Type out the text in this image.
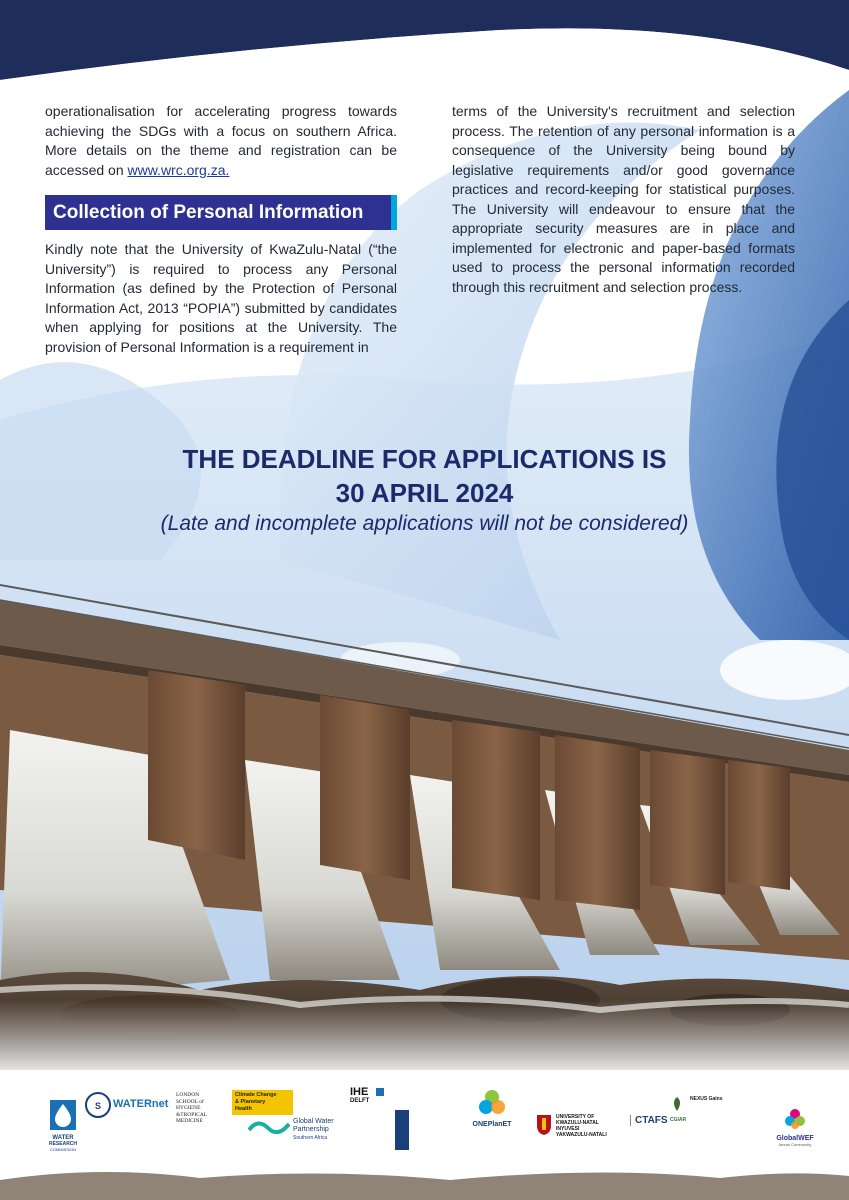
operationalisation for accelerating progress towards achieving the SDGs with a focus on southern Africa. More details on the theme and registration can be accessed on www.wrc.org.za.

Collection of Personal Information

Kindly note that the University of KwaZulu-Natal (“the University”) is required to process any Personal Information (as defined by the Protection of Personal Information Act, 2013 “POPIA”) submitted by candidates when applying for positions at the University. The provision of Personal Information is a requirement in

terms of the University's recruitment and selection process. The retention of any personal information is a consequence of the University being bound by legislative requirements and/or good governance practices and record-keeping for statistical purposes. The University will endeavour to ensure that the appropriate security measures are in place and implemented for electronic and paper-based formats used to process the personal information recorded through this recruitment and selection process.

THE DEADLINE FOR APPLICATIONS IS
30 APRIL 2024
(Late and incomplete applications will not be considered)
WATER
RESEARCH
COMMISSION
S WATERnet
LONDON
SCHOOL of
HYGIENE
&TROPICAL
MEDICINE
Climate Change
& Planetary
Health
Global Water
Partnership
Southern Africa
IHE
DELFT
ONEPlanET
UNIVERSITY OF
KWAZULU-NATAL
INYUVESI
YAKWAZULU-NATALI
CTAFS CGIAR
NEXUS Gains
GlobalWEF
Nexus Community
